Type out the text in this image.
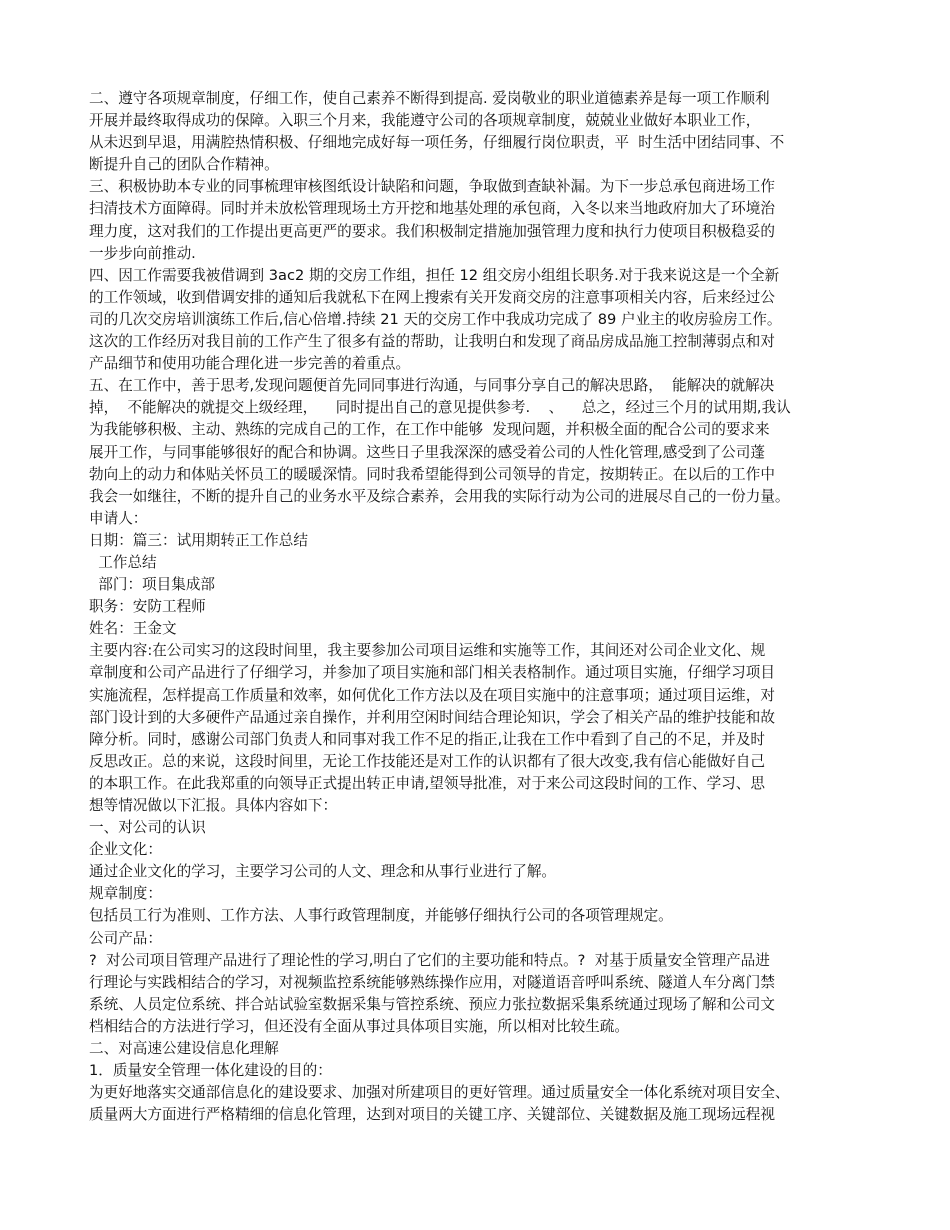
二、遵守各项规章制度，仔细工作，使自己素养不断得到提高. 爱岗敬业的职业道德素养是每一项工作顺利
开展并最终取得成功的保障。入职三个月来，我能遵守公司的各项规章制度，兢兢业业做好本职业工作，
从未迟到早退，用满腔热情积极、仔细地完成好每一项任务，仔细履行岗位职责，平  时生活中团结同事、不
断提升自己的团队合作精神。
三、积极协助本专业的同事梳理审核图纸设计缺陷和问题，争取做到查缺补漏。为下一步总承包商进场工作
扫清技术方面障碍。同时并未放松管理现场土方开挖和地基处理的承包商，入冬以来当地政府加大了环境治
理力度，这对我们的工作提出更高更严的要求。我们积极制定措施加强管理力度和执行力使项目积极稳妥的
一步步向前推动.
四、因工作需要我被借调到 3ac2 期的交房工作组，担任 12 组交房小组组长职务.对于我来说这是一个全新
的工作领域，收到借调安排的通知后我就私下在网上搜索有关开发商交房的注意事项相关内容，后来经过公
司的几次交房培训演练工作后,信心倍增.持续 21 天的交房工作中我成功完成了 89 户业主的收房验房工作。
这次的工作经历对我目前的工作产生了很多有益的帮助，让我明白和发现了商品房成品施工控制薄弱点和对
产品细节和使用功能合理化进一步完善的着重点。
五、在工作中，善于思考,发现问题便首先同同事进行沟通，与同事分享自己的解决思路，  能解决的就解决
掉，  不能解决的就提交上级经理，    同时提出自己的意见提供参考.    、    总之，经过三个月的试用期,我认
为我能够积极、主动、熟练的完成自己的工作，在工作中能够  发现问题，并积极全面的配合公司的要求来
展开工作，与同事能够很好的配合和协调。这些日子里我深深的感受着公司的人性化管理,感受到了公司蓬
勃向上的动力和体贴关怀员工的暖暖深情。同时我希望能得到公司领导的肯定，按期转正。在以后的工作中
我会一如继往，不断的提升自己的业务水平及综合素养，会用我的实际行动为公司的进展尽自己的一份力量。
申请人：
日期：篇三：试用期转正工作总结
工作总结
部门：项目集成部
职务：安防工程师
姓名：王金文
主要内容:在公司实习的这段时间里，我主要参加公司项目运维和实施等工作，其间还对公司企业文化、规
章制度和公司产品进行了仔细学习，并参加了项目实施和部门相关表格制作。通过项目实施，仔细学习项目
实施流程，怎样提高工作质量和效率，如何优化工作方法以及在项目实施中的注意事项；通过项目运维，对
部门设计到的大多硬件产品通过亲自操作，并利用空闲时间结合理论知识，学会了相关产品的维护技能和故
障分析。同时，感谢公司部门负责人和同事对我工作不足的指正,让我在工作中看到了自己的不足，并及时
反思改正。总的来说，这段时间里，无论工作技能还是对工作的认识都有了很大改变,我有信心能做好自己
的本职工作。在此我郑重的向领导正式提出转正申请,望领导批准，对于来公司这段时间的工作、学习、思
想等情况做以下汇报。具体内容如下：
一、对公司的认识
企业文化：
通过企业文化的学习，主要学习公司的人文、理念和从事行业进行了解。
规章制度：
包括员工行为准则、工作方法、人事行政管理制度，并能够仔细执行公司的各项管理规定。
公司产品：
?  对公司项目管理产品进行了理论性的学习,明白了它们的主要功能和特点。?  对基于质量安全管理产品进
行理论与实践相结合的学习，对视频监控系统能够熟练操作应用，对隧道语音呼叫系统、隧道人车分离门禁
系统、人员定位系统、拌合站试验室数据采集与管控系统、预应力张拉数据采集系统通过现场了解和公司文
档相结合的方法进行学习，但还没有全面从事过具体项目实施，所以相对比较生疏。
二、对高速公建设信息化理解
1．质量安全管理一体化建设的目的：
为更好地落实交通部信息化的建设要求、加强对所建项目的更好管理。通过质量安全一体化系统对项目安全、
质量两大方面进行严格精细的信息化管理，达到对项目的关键工序、关键部位、关键数据及施工现场远程视
